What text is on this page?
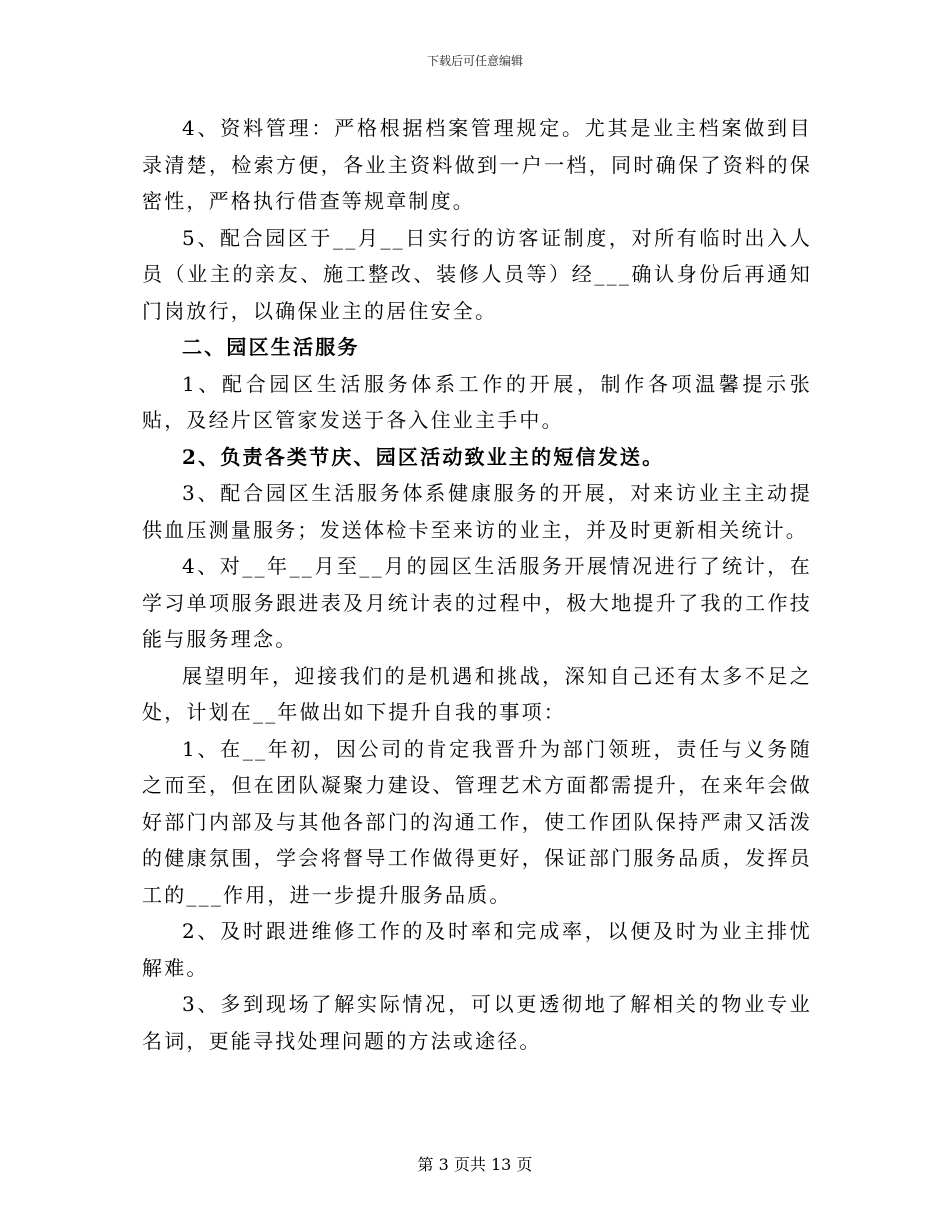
下载后可任意编辑

4、资料管理：严格根据档案管理规定。尤其是业主档案做到目录清楚，检索方便，各业主资料做到一户一档，同时确保了资料的保密性，严格执行借查等规章制度。

5、配合园区于__月__日实行的访客证制度，对所有临时出入人员（业主的亲友、施工整改、装修人员等）经___确认身份后再通知门岗放行，以确保业主的居住安全。

二、园区生活服务

1、配合园区生活服务体系工作的开展，制作各项温馨提示张贴，及经片区管家发送于各入住业主手中。

2、负责各类节庆、园区活动致业主的短信发送。

3、配合园区生活服务体系健康服务的开展，对来访业主主动提供血压测量服务；发送体检卡至来访的业主，并及时更新相关统计。

4、对__年__月至__月的园区生活服务开展情况进行了统计，在学习单项服务跟进表及月统计表的过程中，极大地提升了我的工作技能与服务理念。

展望明年，迎接我们的是机遇和挑战，深知自己还有太多不足之处，计划在__年做出如下提升自我的事项：

1、在__年初，因公司的肯定我晋升为部门领班，责任与义务随之而至，但在团队凝聚力建设、管理艺术方面都需提升，在来年会做好部门内部及与其他各部门的沟通工作，使工作团队保持严肃又活泼的健康氛围，学会将督导工作做得更好，保证部门服务品质，发挥员工的___作用，进一步提升服务品质。

2、及时跟进维修工作的及时率和完成率，以便及时为业主排忧解难。

3、多到现场了解实际情况，可以更透彻地了解相关的物业专业名词，更能寻找处理问题的方法或途径。

第 3 页共 13 页
